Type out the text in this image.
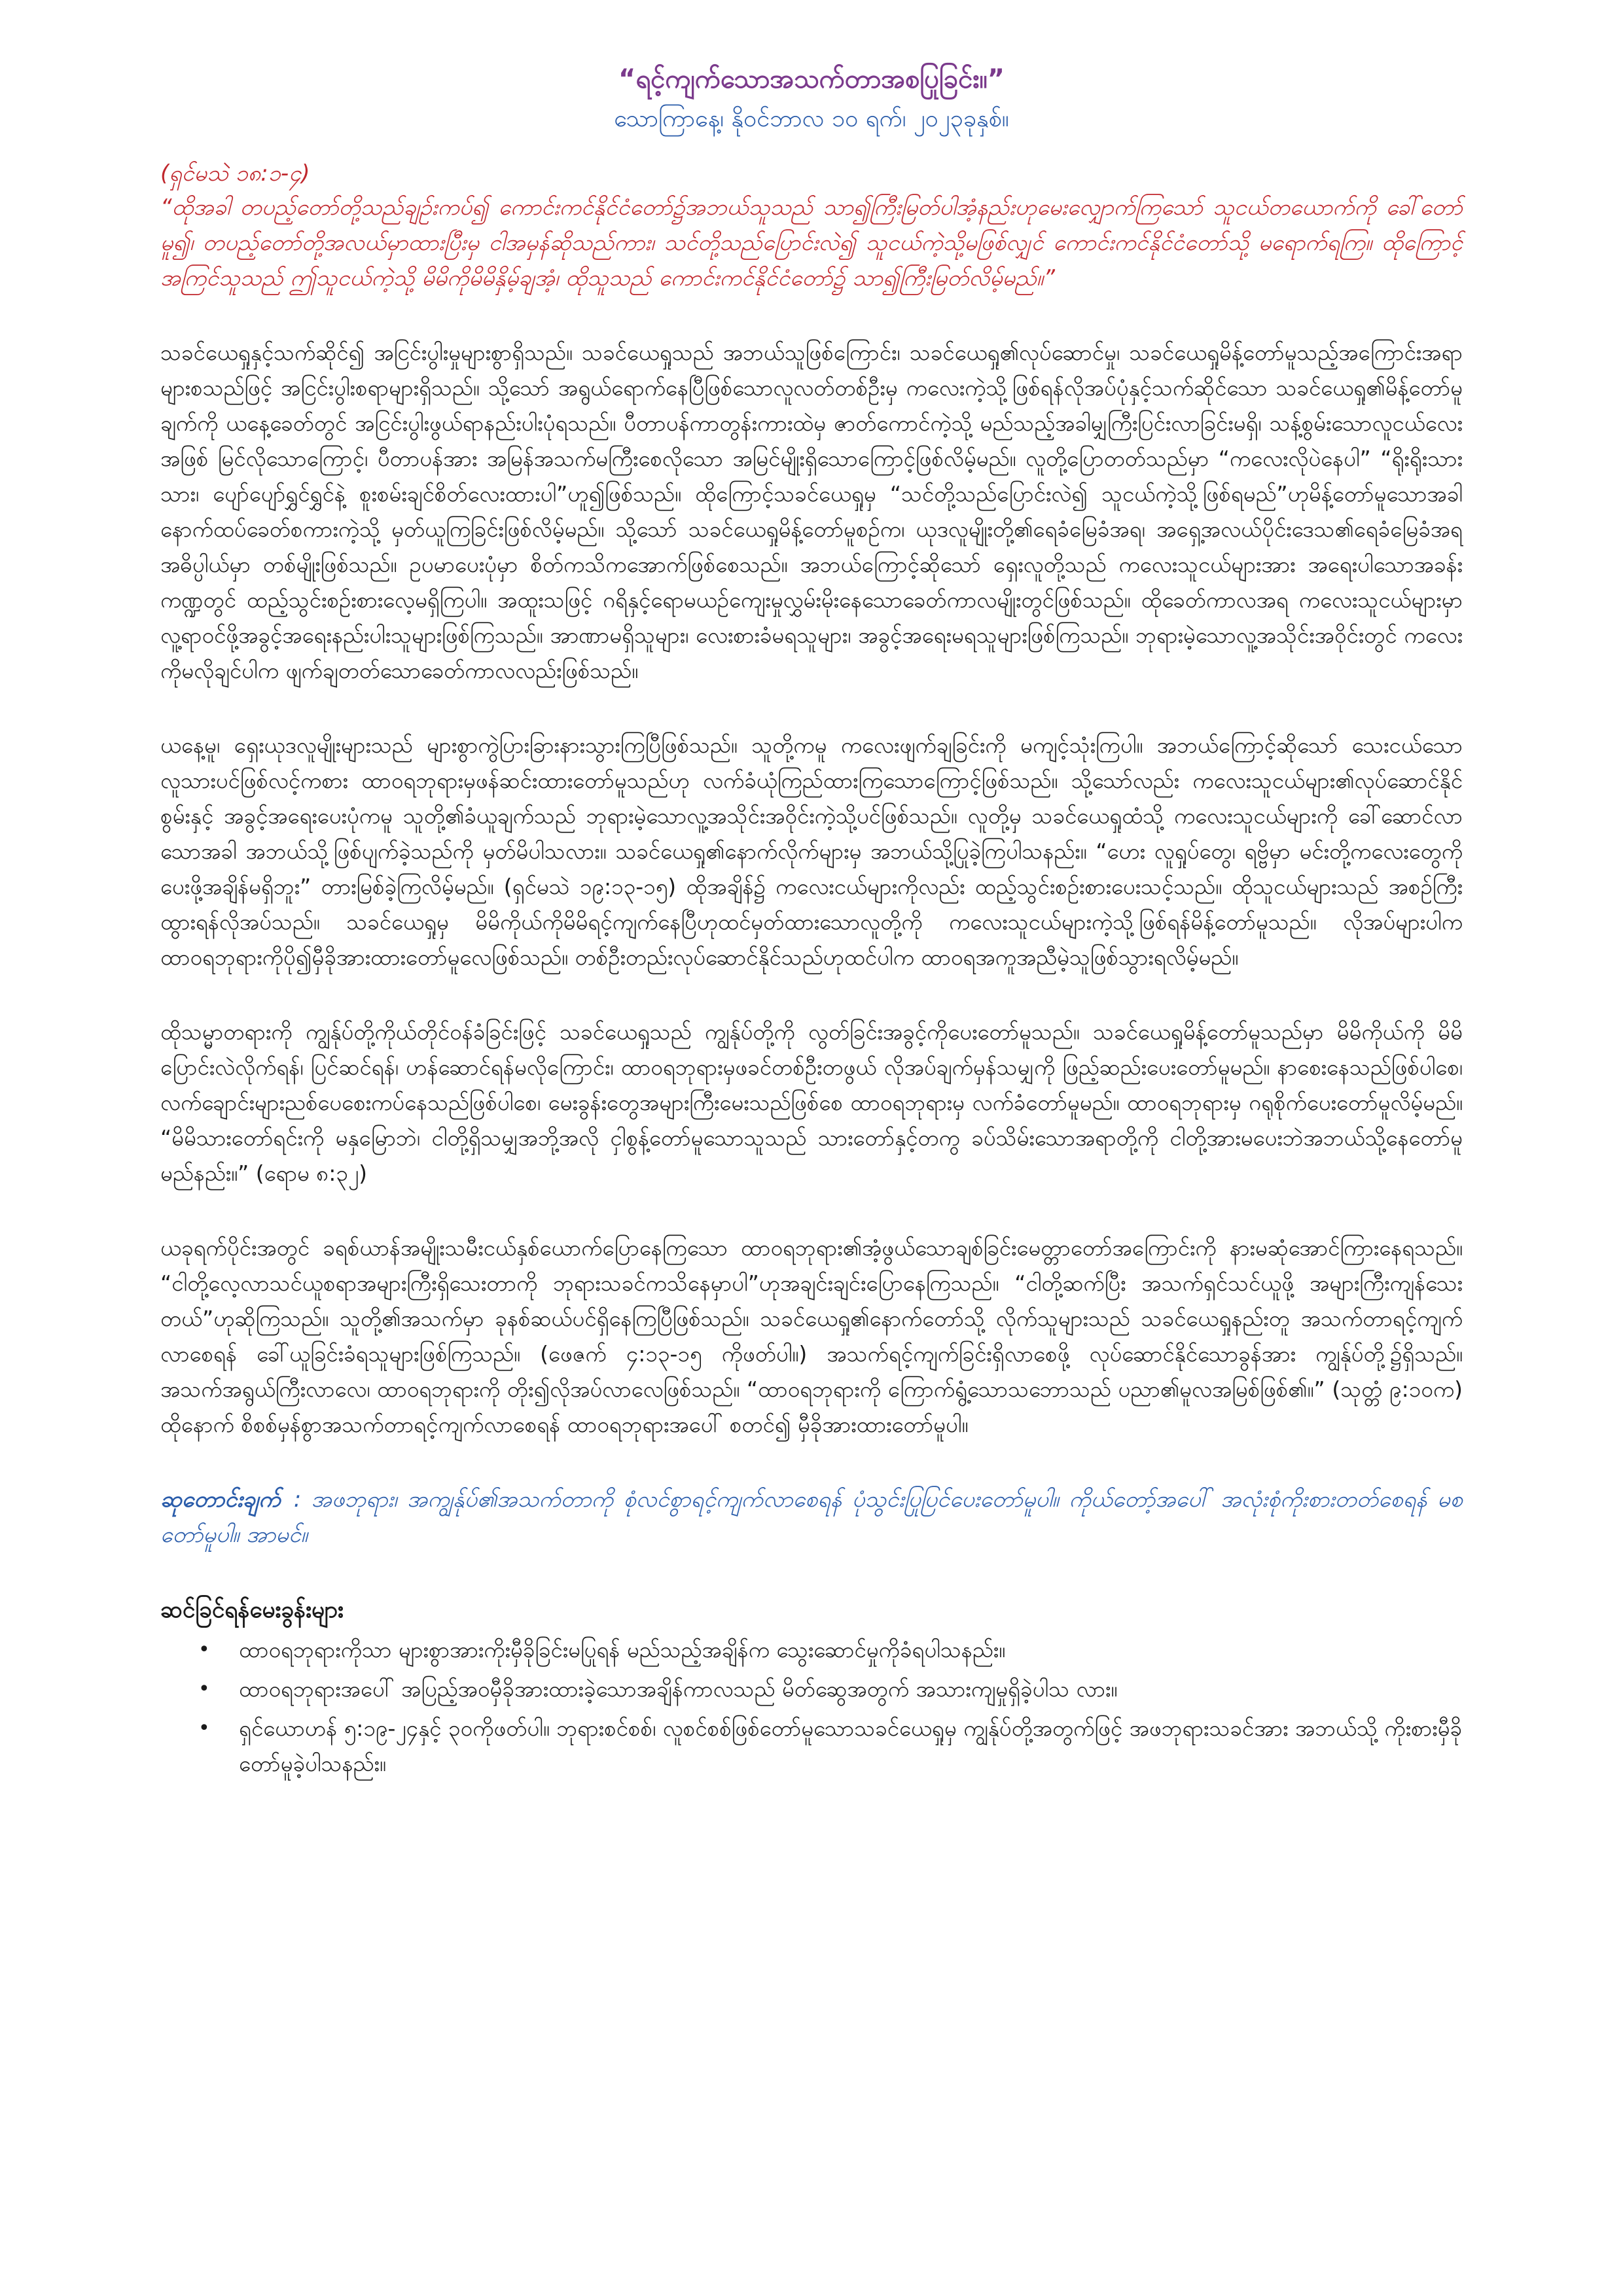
“ရင့်ကျက်သောအသက်တာအစပြုခြင်း။”

သောကြာနေ့၊ နိုဝင်ဘာလ ၁၀ ရက်၊ ၂၀၂၃ခုနှစ်။

(ရှင်မသဲ ၁၈:၁-၄)

“ထိုအခါ တပည့်တော်တို့သည်ချဉ်းကပ်၍ ကောင်းကင်နိုင်ငံတော်၌အဘယ်သူသည် သာ၍ကြီးမြတ်ပါအံ့နည်းဟုမေးလျှောက်ကြသော် သူငယ်တယောက်ကို ခေါ်တော်မူ၍၊ တပည့်တော်တို့အလယ်မှာထားပြီးမှ ငါအမှန်ဆိုသည်ကား၊ သင်တို့သည်ပြောင်းလဲ၍ သူငယ်ကဲ့သို့မဖြစ်လျှင် ကောင်းကင်နိုင်ငံတော်သို့ မရောက်ရကြ။ ထိုကြောင့် အကြင်သူသည် ဤသူငယ်ကဲ့သို့ မိမိကိုမိမိနှိမ့်ချအံ့၊ ထိုသူသည် ကောင်းကင်နိုင်ငံတော်၌ သာ၍ကြီးမြတ်လိမ့်မည်။”

သခင်ယေရှုနှင့်သက်ဆိုင်၍ အငြင်းပွါးမှုများစွာရှိသည်။ သခင်ယေရှုသည် အဘယ်သူဖြစ်ကြောင်း၊ သခင်ယေရှု၏လုပ်ဆောင်မှု၊ သခင်ယေရှုမိန့်တော်မူသည့်အကြောင်းအရာများစသည်ဖြင့် အငြင်းပွါးစရာများရှိသည်။ သို့သော် အရွယ်ရောက်နေပြီဖြစ်သောလူလတ်တစ်ဦးမှ ကလေးကဲ့သို့ဖြစ်ရန်လိုအပ်ပုံနှင့်သက်ဆိုင်သော သခင်ယေရှု၏မိန့်တော်မူချက်ကို ယနေ့ခေတ်တွင် အငြင်းပွါးဖွယ်ရာနည်းပါးပုံရသည်။ ပီတာပန်ကာတွန်းကားထဲမှ ဇာတ်ကောင်ကဲ့သို့ မည်သည့်အခါမျှကြီးပြင်းလာခြင်းမရှိ၊ သန့်စွမ်းသောလူငယ်လေးအဖြစ် မြင်လိုသောကြောင့်၊ ပီတာပန်အား အမြန်အသက်မကြီးစေလိုသော အမြင်မျိုးရှိသောကြောင့်ဖြစ်လိမ့်မည်။ လူတို့ပြောတတ်သည်မှာ “ကလေးလိုပဲနေပါ” “ရိုးရိုးသားသား၊ ပျော်ပျော်ရွှင်ရွှင်နဲ့ စူးစမ်းချင်စိတ်လေးထားပါ”ဟူ၍ဖြစ်သည်။ ထိုကြောင့်သခင်ယေရှုမှ “သင်တို့သည်ပြောင်းလဲ၍ သူငယ်ကဲ့သို့ဖြစ်ရမည်”ဟုမိန့်တော်မူသောအခါ နောက်ထပ်ခေတ်စကားကဲ့သို့ မှတ်ယူကြခြင်းဖြစ်လိမ့်မည်။ သို့သော် သခင်ယေရှုမိန့်တော်မူစဉ်က၊ ယုဒလူမျိုးတို့၏ရေခံမြေခံအရ၊ အရှေ့အလယ်ပိုင်းဒေသ၏ရေခံမြေခံအရ အဓိပ္ပါယ်မှာ တစ်မျိုးဖြစ်သည်။ ဥပမာပေးပုံမှာ စိတ်ကသိကအောက်ဖြစ်စေသည်။ အဘယ်ကြောင့်ဆိုသော် ရှေးလူတို့သည် ကလေးသူငယ်များအား အရေးပါသောအခန်းကဏ္ဍတွင် ထည့်သွင်းစဉ်းစားလေ့မရှိကြပါ။ အထူးသဖြင့် ဂရိနှင့်ရောမယဉ်ကျေးမှုလွှမ်းမိုးနေသောခေတ်ကာလမျိုးတွင်ဖြစ်သည်။ ထိုခေတ်ကာလအရ ကလေးသူငယ်များမှာ လူ့ရာဝင်ဖို့အခွင့်အရေးနည်းပါးသူများဖြစ်ကြသည်။ အာဏာမရှိသူများ၊ လေးစားခံမရသူများ၊ အခွင့်အရေးမရသူများဖြစ်ကြသည်။ ဘုရားမဲ့သောလူ့အသိုင်းအဝိုင်းတွင် ကလေးကိုမလိုချင်ပါက ဖျက်ချတတ်သောခေတ်ကာလလည်းဖြစ်သည်။

ယနေ့မူ၊ ရှေးယုဒလူမျိုးများသည် များစွာကွဲပြားခြားနားသွားကြပြီဖြစ်သည်။ သူတို့ကမူ ကလေးဖျက်ချခြင်းကို မကျင့်သုံးကြပါ။ အဘယ်ကြောင့်ဆိုသော် သေးငယ်သောလူသားပင်ဖြစ်လင့်ကစား ထာဝရဘုရားမှဖန်ဆင်းထားတော်မူသည်ဟု လက်ခံယုံကြည်ထားကြသောကြောင့်ဖြစ်သည်။ သို့သော်လည်း ကလေးသူငယ်များ၏လုပ်ဆောင်နိုင်စွမ်းနှင့် အခွင့်အရေးပေးပုံကမူ သူတို့၏ခံယူချက်သည် ဘုရားမဲ့သောလူ့အသိုင်းအဝိုင်းကဲ့သို့ပင်ဖြစ်သည်။ လူတို့မှ သခင်ယေရှုထံသို့ ကလေးသူငယ်များကို ခေါ်ဆောင်လာသောအခါ အဘယ်သို့ဖြစ်ပျက်ခဲ့သည်ကို မှတ်မိပါသလား။ သခင်ယေရှု၏နောက်လိုက်များမှ အဘယ်သို့ပြုခဲ့ကြပါသနည်း။ “ဟေး လူရှုပ်တွေ၊ ရဗ္ဗိမှာ မင်းတို့ကလေးတွေကိုပေးဖို့အချိန်မရှိဘူး” တားမြစ်ခဲ့ကြလိမ့်မည်။ (ရှင်မသဲ ၁၉:၁၃-၁၅) ထိုအချိန်၌ ကလေးငယ်များကိုလည်း ထည့်သွင်းစဉ်းစားပေးသင့်သည်။ ထိုသူငယ်များသည် အစဉ်ကြီးထွားရန်လိုအပ်သည်။ သခင်ယေရှုမှ မိမိကိုယ်ကိုမိမိရင့်ကျက်နေပြီဟုထင်မှတ်ထားသောလူတို့ကို ကလေးသူငယ်များကဲ့သို့ဖြစ်ရန်မိန့်တော်မူသည်။ လိုအပ်များပါက ထာဝရဘုရားကိုပို၍မှီခိုအားထားတော်မူလေဖြစ်သည်။ တစ်ဦးတည်းလုပ်ဆောင်နိုင်သည်ဟုထင်ပါက ထာဝရအကူအညီမဲ့သူဖြစ်သွားရလိမ့်မည်။

ထိုသမ္မာတရားကို ကျွန်ုပ်တို့ကိုယ်တိုင်ဝန်ခံခြင်းဖြင့် သခင်ယေရှုသည် ကျွန်ုပ်တို့ကို လွတ်ခြင်းအခွင့်ကိုပေးတော်မူသည်။ သခင်ယေရှုမိန့်တော်မူသည်မှာ မိမိကိုယ်ကို မိမိပြောင်းလဲလိုက်ရန်၊ ပြင်ဆင်ရန်၊ ဟန်ဆောင်ရန်မလိုကြောင်း၊ ထာဝရဘုရားမှဖခင်တစ်ဦးတဖွယ် လိုအပ်ချက်မှန်သမျှကို ဖြည့်ဆည်းပေးတော်မူမည်။ နာစေးနေသည်ဖြစ်ပါစေ၊ လက်ချောင်းများညစ်ပေစေးကပ်နေသည်ဖြစ်ပါစေ၊ မေးခွန်းတွေအများကြီးမေးသည်ဖြစ်စေ ထာဝရဘုရားမှ လက်ခံတော်မူမည်။ ထာဝရဘုရားမှ ဂရုစိုက်ပေးတော်မူလိမ့်မည်။ “မိမိသားတော်ရင်းကို မနှမြောဘဲ၊ ငါတို့ရှိသမျှအဘို့အလို ငှါစွန့်တော်မူသောသူသည် သားတော်နှင့်တကွ ခပ်သိမ်းသောအရာတို့ကို ငါတို့အားမပေးဘဲအဘယ်သို့နေတော်မူမည်နည်း။” (ရောမ ၈:၃၂)

ယခုရက်ပိုင်းအတွင် ခရစ်ယာန်အမျိုးသမီးငယ်နှစ်ယောက်ပြောနေကြသော ထာဝရဘုရား၏အံ့ဖွယ်သောချစ်ခြင်းမေတ္တာတော်အကြောင်းကို နားမဆုံအောင်ကြားနေရသည်။ “ငါတို့လေ့လာသင်ယူစရာအများကြီးရှိသေးတာကို ဘုရားသခင်ကသိနေမှာပါ”ဟုအချင်းချင်းပြောနေကြသည်။ “ငါတို့ဆက်ပြီး အသက်ရှင်သင်ယူဖို့ အများကြီးကျန်သေးတယ်”ဟုဆိုကြသည်။ သူတို့၏အသက်မှာ ခုနစ်ဆယ်ပင်ရှိနေကြပြီဖြစ်သည်။ သခင်ယေရှု၏နောက်တော်သို့ လိုက်သူများသည် သခင်ယေရှုနည်းတူ အသက်တာရင့်ကျက်လာစေရန် ခေါ်ယူခြင်းခံရသူများဖြစ်ကြသည်။ (ဖေဇက် ၄:၁၃-၁၅ ကိုဖတ်ပါ။) အသက်ရင့်ကျက်ခြင်းရှိလာစေဖို့ လုပ်ဆောင်နိုင်သောခွန်အား ကျွန်ုပ်တို့၌ရှိသည်။ အသက်အရွယ်ကြီးလာလေ၊ ထာဝရဘုရားကို တိုး၍လိုအပ်လာလေဖြစ်သည်။ “ထာဝရဘုရားကို ကြောက်ရွံ့သောသဘောသည် ပညာ၏မူလအမြစ်ဖြစ်၏။” (သုတ္တံ ၉:၁၀က) ထိုနောက် စိစစ်မှန်စွာအသက်တာရင့်ကျက်လာစေရန် ထာဝရဘုရားအပေါ် စတင်၍ မှီခိုအားထားတော်မူပါ။

ဆုတောင်းချက် : အဖဘုရား၊ အကျွန်ုပ်၏အသက်တာကို စုံလင်စွာရင့်ကျက်လာစေရန် ပုံသွင်းပြုပြင်ပေးတော်မူပါ။ ကိုယ်တော့်အပေါ် အလုံးစုံကိုးစားတတ်စေရန် မစတော်မူပါ။ အာမင်။

ဆင်ခြင်ရန်မေးခွန်းများ
• ထာဝရဘုရားကိုသာ များစွာအားကိုးမှီခိုခြင်းမပြုရန် မည်သည့်အချိန်က သွေးဆောင်မှုကိုခံရပါသနည်း။
• ထာဝရဘုရားအပေါ် အပြည့်အဝမှီခိုအားထားခဲ့သောအချိန်ကာလသည် မိတ်ဆွေအတွက် အသားကျမှုရှိခဲ့ပါသ လား။
• ရှင်ယောဟန် ၅:၁၉-၂၄နှင့် ၃၀ကိုဖတ်ပါ။ ဘုရားစင်စစ်၊ လူစင်စစ်ဖြစ်တော်မူသောသခင်ယေရှုမှ ကျွန်ုပ်တို့အတွက်ဖြင့် အဖဘုရားသခင်အား အဘယ်သို့ ကိုးစားမှီခိုတော်မူခဲ့ပါသနည်း။
